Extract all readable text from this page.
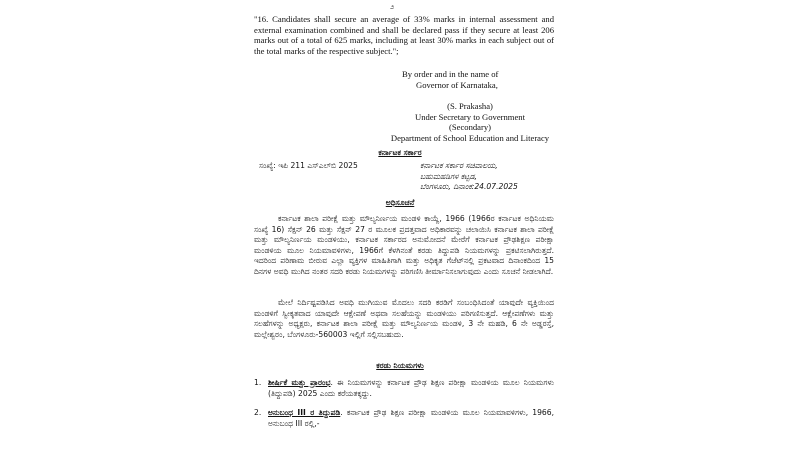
೨
"16. Candidates shall secure an average of 33% marks in internal assessment and external examination combined and shall be declared pass if they secure at least 206 marks out of a total of 625 marks, including at least 30% marks in each subject out of the total marks of the respective subject.";
By order and in the name of
Governor of Karnataka,
(S. Prakasha)
Under Secretary to Government
(Secondary)
Department of School Education and Literacy
ಕರ್ನಾಟಕ ಸರ್ಕಾರ
ಸಂಖ್ಯೆ: ಇಪಿ 211 ಎಸ್ಎಲ್‌ಬಿ 2025	ಕರ್ನಾಟಕ ಸರ್ಕಾರ ಸಚಿವಾಲಯ,
ಬಹುಮಹಡಿಗಳ ಕಟ್ಟಡ,
ಬೆಂಗಳೂರು, ದಿನಾಂಕ:24.07.2025
ಅಧಿಸೂಚನೆ
ಕರ್ನಾಟಕ ಶಾಲಾ ಪರೀಕ್ಷೆ ಮತ್ತು ಮೌಲ್ಯನಿರ್ಣಯ ಮಂಡಳಿ ಕಾಯ್ದೆ, 1966 (1966ರ ಕರ್ನಾಟಕ ಅಧಿನಿಯಮ ಸಂಖ್ಯೆ 16) ಸೆಕ್ಷನ್ 26 ಮತ್ತು ಸೆಕ್ಷನ್ 27 ರ ಮೂಲಕ ಪ್ರದತ್ತವಾದ ಅಧಿಕಾರವನ್ನು ಚಲಾಯಿಸಿ ಕರ್ನಾಟಕ ಶಾಲಾ ಪರೀಕ್ಷೆ ಮತ್ತು ಮೌಲ್ಯನಿರ್ಣಯ ಮಂಡಳಿಯು, ಕರ್ನಾಟಕ ಸರ್ಕಾರದ ಅನುಮೋದನೆ ಮೇರೆಗೆ ಕರ್ನಾಟಕ ಪ್ರೌಢಶಿಕ್ಷಣ ಪರೀಕ್ಷಾ ಮಂಡಳಿಯ ಮೂಲ ನಿಯಮಾವಳಿಗಳು, 1966ಗೆ ಕೆಳಗಿನಂತೆ ಕರಡು ತಿದ್ದುಪಡಿ ನಿಯಮಗಳನ್ನು ಪ್ರಕಟಿಸಲಾಗಿರುತ್ತದೆ. ಇದರಿಂದ ಪರಿಣಾಮ ಬೀರುವ ಎಲ್ಲಾ ವ್ಯಕ್ತಿಗಳ ಮಾಹಿತಿಗಾಗಿ ಮತ್ತು ಅಧಿಕೃತ ಗೆಜೆಟ್‌ನಲ್ಲಿ ಪ್ರಕಟವಾದ ದಿನಾಂಕದಿಂದ 15 ದಿನಗಳ ಅವಧಿ ಮುಗಿದ ನಂತರ ಸದರಿ ಕರಡು ನಿಯಮಗಳನ್ನು ಪರಿಗಣಿಸಿ ತೀರ್ಮಾನಿಸಲಾಗುವುದು ಎಂದು ಸೂಚನೆ ನೀಡಲಾಗಿದೆ.
ಮೇಲೆ ನಿರ್ದಿಷ್ಟಪಡಿಸಿದ ಅವಧಿ ಮುಗಿಯುವ ಮೊದಲು ಸದರಿ ಕರಡಿಗೆ ಸಂಬಂಧಿಸಿದಂತೆ ಯಾವುದೇ ವ್ಯಕ್ತಿಯಿಂದ ಮಂಡಳಿಗೆ ಸ್ವೀಕೃತವಾದ ಯಾವುದೇ ಆಕ್ಷೇಪಣೆ ಅಥವಾ ಸಲಹೆಯನ್ನು ಮಂಡಳಿಯು ಪರಿಗಣಿಸುತ್ತದೆ. ಆಕ್ಷೇಪಣೆಗಳು ಮತ್ತು ಸಲಹೆಗಳನ್ನು ಅಧ್ಯಕ್ಷರು, ಕರ್ನಾಟಕ ಶಾಲಾ ಪರೀಕ್ಷೆ ಮತ್ತು ಮೌಲ್ಯನಿರ್ಣಯ ಮಂಡಳಿ, 3 ನೇ ಮಹಡಿ, 6 ನೇ ಅಡ್ಡರಸ್ತೆ, ಮಲ್ಲೇಶ್ವರಂ, ಬೆಂಗಳೂರು-560003 ಇಲ್ಲಿಗೆ ಸಲ್ಲಿಸಬಹುದು.
ಕರಡು ನಿಯಮಗಳು
1. ಶೀರ್ಷಿಕೆ ಮತ್ತು ಪ್ರಾರಂಭ. ಈ ನಿಯಮಗಳನ್ನು ಕರ್ನಾಟಕ ಪ್ರೌಢ ಶಿಕ್ಷಣ ಪರೀಕ್ಷಾ ಮಂಡಳಿಯ ಮೂಲ ನಿಯಮಗಳು (ತಿದ್ದುಪಡಿ) 2025 ಎಂದು ಕರೆಯತಕ್ಕದ್ದು.
2. ಅನುಬಂಧ III ರ ತಿದ್ದುಪಡಿ. ಕರ್ನಾಟಕ ಪ್ರೌಢ ಶಿಕ್ಷಣ ಪರೀಕ್ಷಾ ಮಂಡಳಿಯ ಮೂಲ ನಿಯಮಾವಳಿಗಳು, 1966, ಅನುಬಂಧ III ರಲ್ಲಿ,-
